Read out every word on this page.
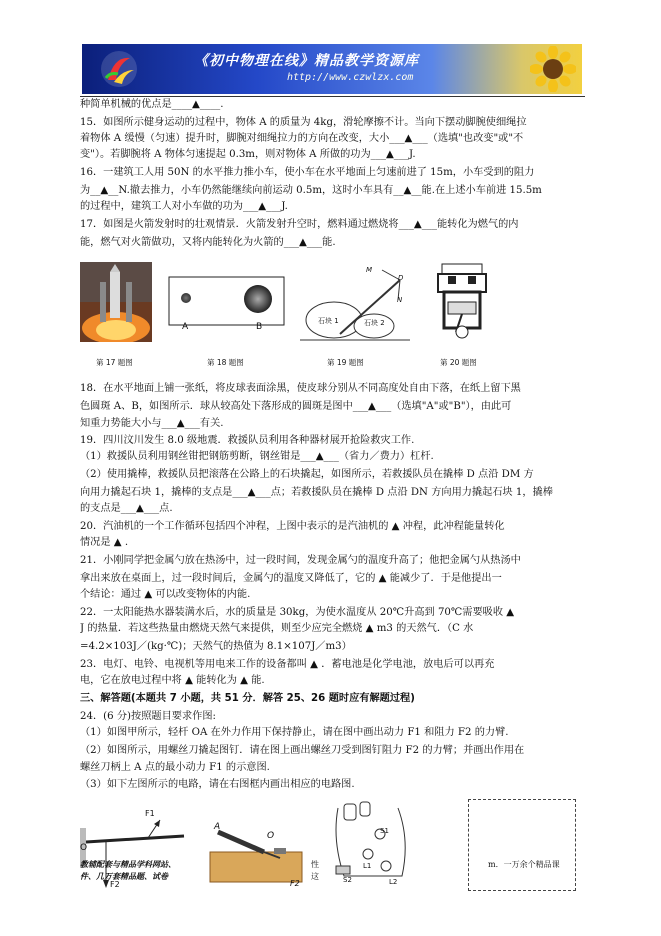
《初中物理在线》精品教学资源库
http://www.czwlzx.com
种简单机械的优点是____▲____.
15．如图所示健身运动的过程中，物体 A 的质量为 4kg，滑轮摩擦不计。当向下摆动脚腕使细绳拉
着物体 A 缓慢（匀速）提升时，脚腕对细绳拉力的方向在改变，大小___▲___（选填"也改变"或"不
变"）。若脚腕将 A 物体匀速提起 0.3m，则对物体 A 所做的功为___▲___J.
16．一建筑工人用 50N 的水平推力推小车，使小车在水平地面上匀速前进了 15m，小车受到的阻力
为__▲__N.撤去推力，小车仍然能继续向前运动 0.5m，这时小车具有__▲__能.在上述小车前进 15.5m
的过程中，建筑工人对小车做的功为___▲___J.
17．如图是火箭发射时的壮观情景．火箭发射升空时，燃料通过燃烧将___▲___能转化为燃气的内
能，燃气对火箭做功，又将内能转化为火箭的___▲___能.
A	B
M
D
N
石块 1	石块 2
第 17 题图	第 18 题图	第 19 题图	第 20 题图
18．在水平地面上铺一张纸，将皮球表面涂黑，使皮球分别从不同高度处自由下落，在纸上留下黑
色圆斑 A、B，如图所示．球从较高处下落形成的圆斑是图中___▲___（选填"A"或"B"），由此可
知重力势能大小与___▲___有关.
19．四川汶川发生 8.0 级地震．救援队员利用各种器材展开抢险救灾工作.
（1）救援队员利用钢丝钳把钢筋剪断，钢丝钳是___▲___（省力／费力）杠杆.
（2）使用撬棒，救援队员把滚落在公路上的石块撬起，如图所示，若救援队员在撬棒 D 点沿 DM 方
向用力撬起石块 1，撬棒的支点是___▲___点；若救援队员在撬棒 D 点沿 DN 方向用力撬起石块 1，撬棒
的支点是___▲___点.
20．汽油机的一个工作循环包括四个冲程，上图中表示的是汽油机的 ▲ 冲程，此冲程能量转化
情况是 ▲ .
21．小刚同学把金属勺放在热汤中，过一段时间，发现金属勺的温度升高了；他把金属勺从热汤中
拿出来放在桌面上，过一段时间后，金属勺的温度又降低了，它的 ▲ 能减少了．于是他提出一
个结论：通过 ▲ 可以改变物体的内能.
22．一太阳能热水器装满水后，水的质量是 30kg，为使水温度从 20℃升高到 70℃需要吸收 ▲
J 的热量．若这些热量由燃烧天然气来提供，则至少应完全燃烧 ▲ m3 的天然气．（C 水
=4.2×103J／(kg·℃)；天然气的热值为 8.1×107J／m3）
23．电灯、电铃、电视机等用电来工作的设备都叫 ▲ ．蓄电池是化学电池，放电后可以再充
电，它在放电过程中将 ▲ 能转化为 ▲ 能.
三、解答题(本题共 7 小题，共 51 分．解答 25、26 题时应有解题过程)
24．(6 分)按照题目要求作图:
（1）如图甲所示，轻杆 OA 在外力作用下保持静止，请在图中画出动力 F1 和阻力 F2 的力臂.
（2）如图所示，用螺丝刀撬起图钉．请在图上画出螺丝刀受到图钉阻力 F2 的力臂；并画出作用在
螺丝刀柄上 A 点的最小动力 F1 的示意图.
（3）如下左图所示的电路，请在右图框内画出相应的电路图.
F1
O
F2
A
O
F2
S1
S2
L1
L2
教辅配套与精品学科网站、
件、几万套精品题、试卷
性
这
m．一万余个精品课
